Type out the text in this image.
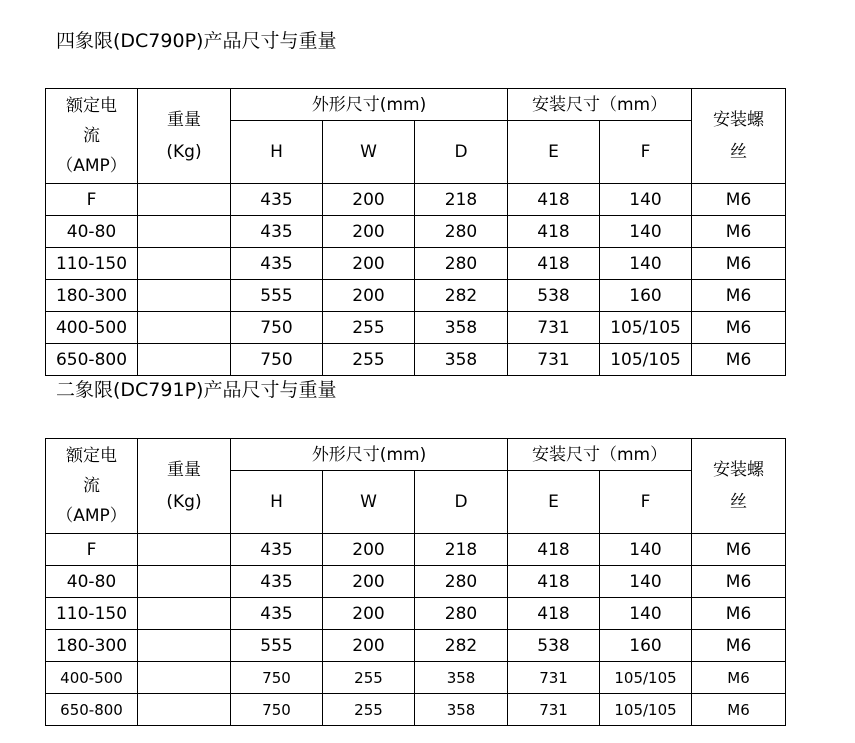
四象限(DC790P)产品尺寸与重量
额定电
流
（AMP）	重量
(Kg)	外形尺寸(mm)			安装尺寸（mm）		安装螺
丝

		H	W	D	E	F	
F		435	200	218	418	140	M6
40-80		435	200	280	418	140	M6
110-150		435	200	280	418	140	M6
180-300		555	200	282	538	160	M6
400-500		750	255	358	731	105/105	M6
650-800		750	255	358	731	105/105	M6
二象限(DC791P)产品尺寸与重量
额定电
流
（AMP）	重量
(Kg)	外形尺寸(mm)			安装尺寸（mm）		安装螺
丝

		H	W	D	E	F	
F		435	200	218	418	140	M6
40-80		435	200	280	418	140	M6
110-150		435	200	280	418	140	M6
180-300		555	200	282	538	160	M6
400-500		750	255	358	731	105/105	M6
650-800		750	255	358	731	105/105	M6
